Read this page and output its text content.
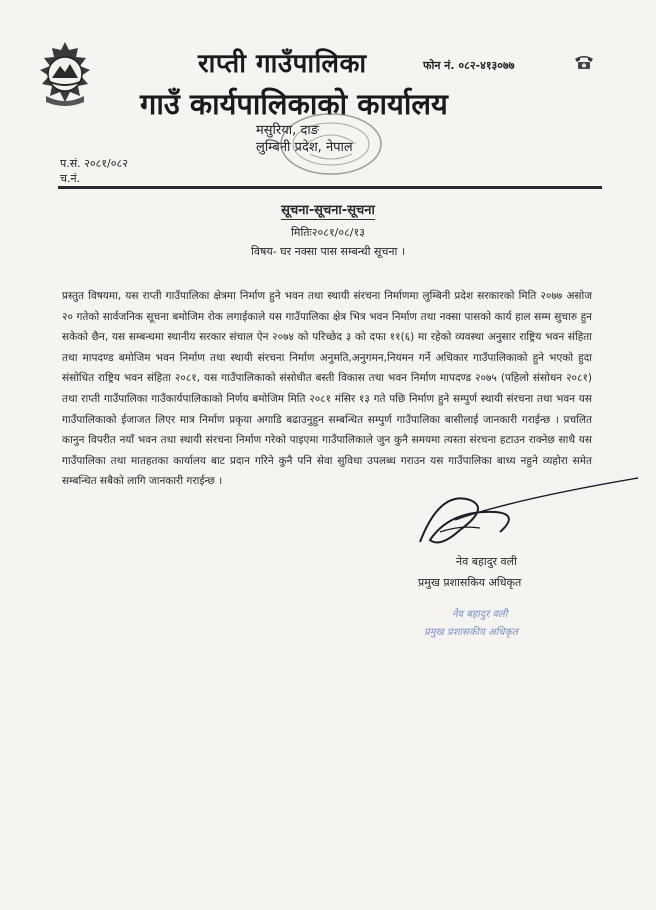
राप्ती गाउँपालिका
गाउँ कार्यपालिकाको कार्यालय
फोन नं. ०८२-४१३०७७
मसुरिया, दाङ
लुम्बिनी प्रदेश, नेपाल
प.सं. २०८१/०८२
च.नं.
सूचना-सूचना-सूचना
मितिः२०८१/०८/१३
विषय- घर नक्सा पास सम्बन्धी सूचना ।
प्रस्तुत विषयमा, यस राप्ती गाउँपालिका क्षेत्रमा निर्माण हुने भवन तथा स्थायी संरचना निर्माणमा लुम्बिनी प्रदेश सरकारको मिति २०७७ असोज २० गतेको सार्वजनिक सूचना बमोजिम रोक लगाईकाले यस गाउँपालिका क्षेत्र भित्र भवन निर्माण तथा नक्सा पासको कार्य हाल सम्म सुचारु हुन सकेको छैन, यस सम्बन्धमा स्थानीय सरकार संचाल ऐन २०७४ को परिच्छेद ३ को दफा ११(६) मा रहेको व्यवस्था अनुसार राष्ट्रिय भवन संहिता तथा मापदण्ड बमोजिम भवन निर्माण तथा स्थायी संरचना निर्माण अनुमति,अनुगमन,नियमन गर्ने अधिकार गाउँपालिकाको हुने भएको हुदा संसोधित राष्ट्रिय भवन संहिता २०८१, यस गाउँपालिकाको संसोधीत बस्ती विकास तथा भवन निर्माण मापदण्ड २०७५ (पहिलो संसोधन २०८१) तथा राप्ती गाउँपालिका गाउँकार्यपालिकाको निर्णय बमोजिम मिति २०८१ मंसिर १३ गते पछि निर्माण हुने सम्पुर्ण स्थायी संरचना तथा भवन यस गाउँपालिकाको ईजाजत लिएर मात्र निर्माण प्रकृया अगाडि बढाउनुहुन सम्बन्धित सम्पुर्ण गाउँपालिका बासीलाई जानकारी गराईन्छ । प्रचलित कानुन विपरीत नयाँ भवन तथा स्थायी संरचना निर्माण गरेको पाइएमा गाउँपालिकाले जुन कुनै समयमा त्यस्ता संरचना हटाउन राक्नेछ साथै यस गाउँपालिका तथा मातहतका कार्यालय बाट प्रदान गरिने कुनै पनि सेवा सुविधा उपलब्ध गराउन यस गाउँपालिका बाध्य नहुने व्यहोरा समेत सम्बन्धित सबैको लागि जानकारी गराईन्छ ।
नेव बहादुर वली
प्रमुख प्रशासकिय अधिकृत
नेव बहादुर वली
प्रमुख प्रशासकीय अधिकृत
